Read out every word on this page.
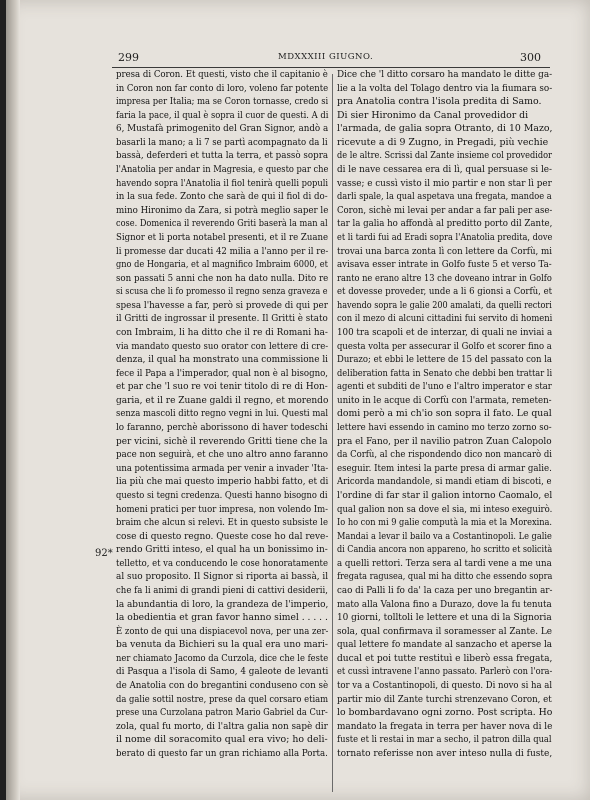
299	MDXXXIII GIUGNO.	300
92*
presa di Coron. Et questi, visto che il capitanio è
in Coron non far conto di loro, voleno far potente
impresa per Italia; ma se Coron tornasse, credo si
faria la pace, il qual è sopra il cuor de questi. A di
6, Mustafà primogenito del Gran Signor, andò a
basarli la mano; a li 7 se partì acompagnato da li
bassà, deferderi et tutta la terra, et passò sopra
l'Anatolia per andar in Magresia, e questo par che
havendo sopra l'Anatolia il fiol tenirà quelli populi
in la sua fede. Zonto che sarà de qui il fiol di do-
mino Hironimo da Zara, si potrà meglio saper le
cose. Domenica il reverendo Griti baserà la man al
Signor et li porta notabel presenti, et il re Zuane
li promesse dar ducati 42 milia a l'anno per il re-
gno de Hongaria, et al magnifico Imbraim 6000, et
son passati 5 anni che non ha dato nulla. Dito re
si scusa che li fo promesso il regno senza graveza e
spesa l'havesse a far, però si provede di qui per
il Gritti de ingrossar il presente. Il Gritti è stato
con Imbraim, li ha ditto che il re di Romani ha-
via mandato questo suo orator con lettere di cre-
denza, il qual ha monstrato una commissione li
fece il Papa a l'imperador, qual non è al bisogno,
et par che 'l suo re voi tenir titolo di re di Hon-
garia, et il re Zuane galdi il regno, et morendo
senza mascoli ditto regno vegni in lui. Questi mal
lo faranno, perchè aborissono di haver todeschi
per vicini, sichè il reverendo Gritti tiene che la
pace non seguirà, et che uno altro anno faranno
una potentissima armada per venir a invader 'Ita-
lia più che mai questo imperio habbi fatto, et di
questo si tegni credenza. Questi hanno bisogno di
homeni pratici per tuor impresa, non volendo Im-
braim che alcun si relevi. Et in questo subsiste le
cose di questo regno. Queste cose ho dal reve-
rendo Gritti inteso, el qual ha un bonissimo in-
telletto, et va conducendo le cose honoratamente
al suo proposito. Il Signor si riporta ai bassà, il
che fa li animi di grandi pieni di cattivi desiderii,
la abundantia di loro, la grandeza de l'imperio,
la obedientia et gran favor hanno simel . . . . .
È zonto de qui una dispiacevol nova, per una zer-
ba venuta da Bichieri su la qual era uno mari-
ner chiamato Jacomo da Curzola, dice che le feste
di Pasqua a l'isola di Samo, 4 galeote de levanti
de Anatolia con do bregantini conduseno con sè
da galie sottil nostre, prese da quel corsaro etiam
prese una Curzolana patron Mario Gabriel da Cur-
zola, qual fu morto, di l'altra galia non sapè dir
il nome dil soracomito qual era vivo; ho deli-
berato di questo far un gran richiamo alla Porta.
Dice che 'l ditto corsaro ha mandato le ditte ga-
lie a la volta del Tolago dentro via la fiumara so-
pra Anatolia contra l'isola predita di Samo.
Di sier Hironimo da Canal provedidor di
l'armada, de galia sopra Otranto, di 10 Mazo,
ricevute a di 9 Zugno, in Pregadi, più vechie
de le altre. Scrissi dal Zante insieme col provedidor
di le nave cessarea era di lì, qual persuase si le-
vasse; e cussì visto il mio partir e non star lì per
darli spale, la qual aspetava una fregata, mandoe a
Coron, sichè mi levai per andar a far pali per ase-
tar la galia ho affondà al preditto porto dil Zante,
et li tardi fui ad Eradi sopra l'Anatolia predita, dove
trovai una barca zonta lì con lettere da Corfù, mi
avisava esser intrate in Golfo fuste 5 et verso Ta-
ranto ne erano altre 13 che doveano intrar in Golfo
et dovesse proveder, unde a li 6 gionsi a Corfù, et
havendo sopra le galie 200 amalati, da quelli rectori
con il mezo di alcuni cittadini fui servito di homeni
100 tra scapoli et de interzar, di quali ne inviai a
questa volta per assecurar il Golfo et scorer fino a
Durazo; et ebbi le lettere de 15 del passato con la
deliberation fatta in Senato che debbi ben trattar li
agenti et subditi de l'uno e l'altro imperator e star
unito in le acque di Corfù con l'armata, remeten-
domi però a mi ch'io son sopra il fato. Le qual
lettere havi essendo in camino mo terzo zorno so-
pra el Fano, per il navilio patron Zuan Calopolo
da Corfù, al che rispondendo dico non mancarò di
eseguir. Item intesi la parte presa di armar galie.
Aricorda mandandole, si mandi etiam di biscoti, e
l'ordine di far star il galion intorno Caomalo, el
qual galion non sa dove el sia, mi inteso exeguirò.
Io ho con mi 9 galie computà la mia et la Morexina.
Mandai a levar il bailo va a Costantinopoli. Le galie
di Candia ancora non appareno, ho scritto et solicità
a quelli rettori. Terza sera al tardi vene a me una
fregata ragusea, qual mi ha ditto che essendo sopra
cao di Palli li fo da' la caza per uno bregantin ar-
mato alla Valona fino a Durazo, dove la fu tenuta
10 giorni, tolltoli le lettere et una di la Signoria
sola, qual confirmava il soramesser al Zante. Le
qual lettere fo mandate al sanzacho et aperse la
ducal et poi tutte restituì e liberò essa fregata,
et cussì intravene l'anno passato. Parlerò con l'ora-
tor va a Costantinopoli, di questo. Di novo si ha al
partir mio dil Zante turchi strenzevano Coron, et
lo bombardavano ogni zorno. Post scripta. Ho
mandato la fregata in terra per haver nova di le
fuste et li restai in mar a secho, il patron dilla qual
tornato referisse non aver inteso nulla di fuste,
